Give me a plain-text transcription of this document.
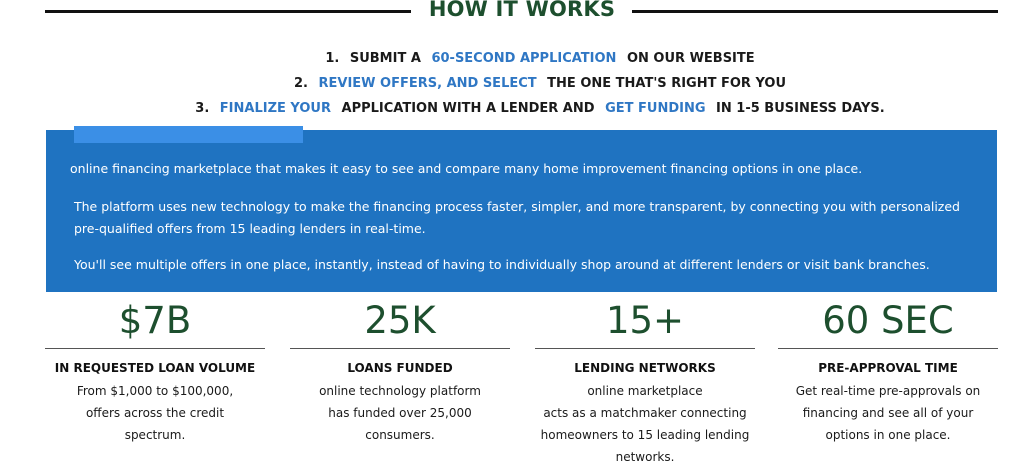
HOW IT WORKS
1. SUBMIT A 60-SECOND APPLICATION ON OUR WEBSITE
2. REVIEW OFFERS, AND SELECT THE ONE THAT'S RIGHT FOR YOU
3. FINALIZE YOUR APPLICATION WITH A LENDER AND GET FUNDING IN 1-5 BUSINESS DAYS.

online financing marketplace that makes it easy to see and compare many home improvement financing options in one place.

The platform uses new technology to make the financing process faster, simpler, and more transparent, by connecting you with personalized pre-qualified offers from 15 leading lenders in real-time.

You'll see multiple offers in one place, instantly, instead of having to individually shop around at different lenders or visit bank branches.

$7B
IN REQUESTED LOAN VOLUME
From $1,000 to $100,000,
offers across the credit
spectrum.
25K
LOANS FUNDED
online technology platform
has funded over 25,000
consumers.
15+
LENDING NETWORKS
online marketplace
acts as a matchmaker connecting
homeowners to 15 leading lending
networks.
60 SEC
PRE-APPROVAL TIME
Get real-time pre-approvals on
financing and see all of your
options in one place.
